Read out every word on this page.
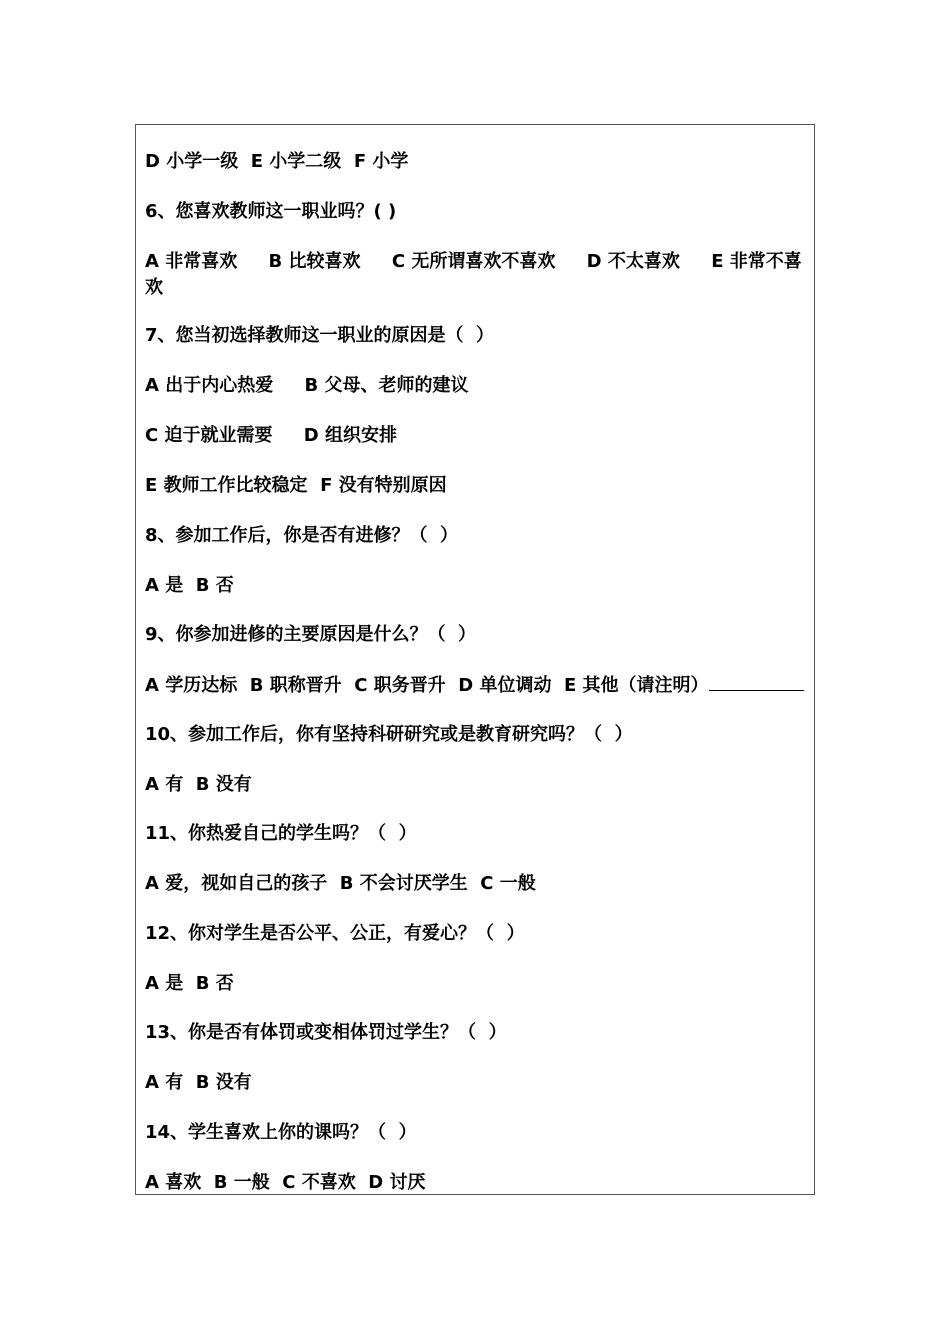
D 小学一级  E 小学二级  F 小学
6、您喜欢教师这一职业吗？( )
A 非常喜欢     B 比较喜欢     C 无所谓喜欢不喜欢     D 不太喜欢     E 非常不喜欢
7、您当初选择教师这一职业的原因是（  ）
A 出于内心热爱     B 父母、老师的建议
C 迫于就业需要     D 组织安排
E 教师工作比较稳定  F 没有特别原因
8、参加工作后，你是否有进修？（  ）
A 是  B 否
9、你参加进修的主要原因是什么？（  ）
A 学历达标  B 职称晋升  C 职务晋升  D 单位调动  E 其他（请注明）
10、参加工作后，你有坚持科研研究或是教育研究吗？（  ）
A 有  B 没有
11、你热爱自己的学生吗？（  ）
A 爱，视如自己的孩子  B 不会讨厌学生  C 一般
12、你对学生是否公平、公正，有爱心？（  ）
A 是  B 否
13、你是否有体罚或变相体罚过学生？（  ）
A 有  B 没有
14、学生喜欢上你的课吗？（  ）
A 喜欢  B 一般  C 不喜欢  D 讨厌
